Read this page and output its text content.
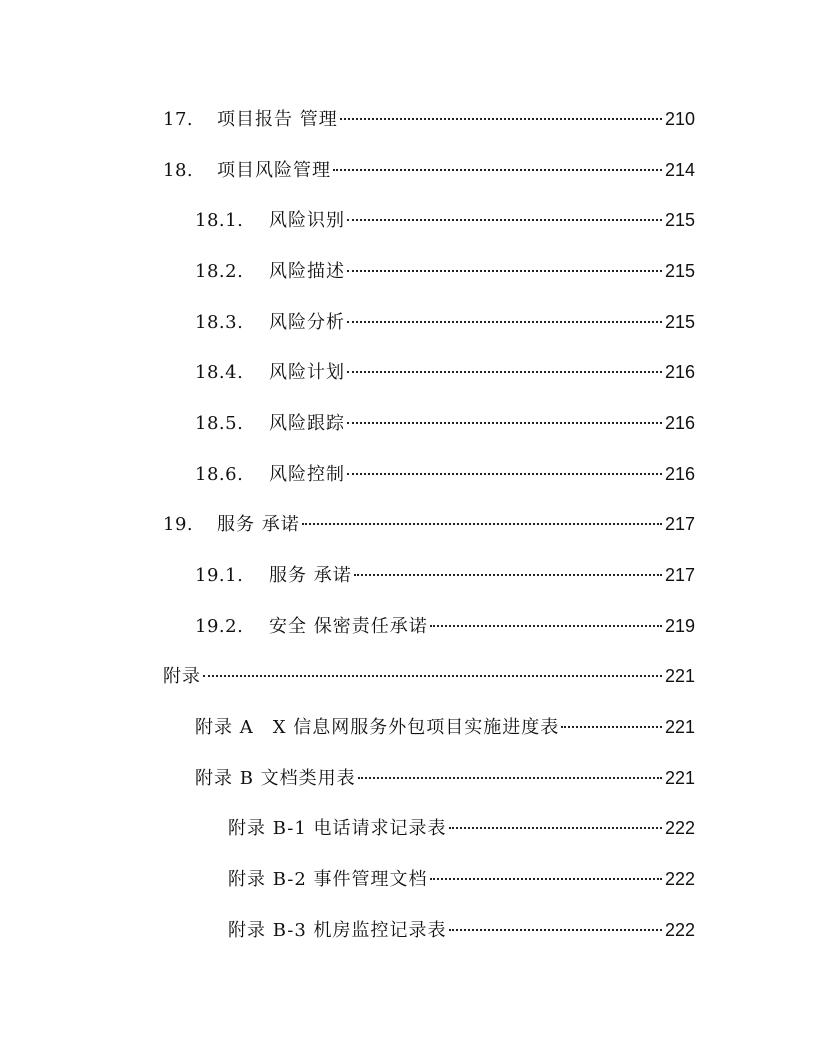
17.	项目报告 管理	210
18.	项目风险管理	214
18.1.	风险识别	215
18.2.	风险描述	215
18.3.	风险分析	215
18.4.	风险计划	216
18.5.	风险跟踪	216
18.6.	风险控制	216
19.	服务 承诺	217
19.1.	服务 承诺	217
19.2.	安全 保密责任承诺	219
附录	221
附录 A　X 信息网服务外包项目实施进度表	221
附录 B 文档类用表	221
附录 B-1 电话请求记录表	222
附录 B-2 事件管理文档	222
附录 B-3 机房监控记录表	222
